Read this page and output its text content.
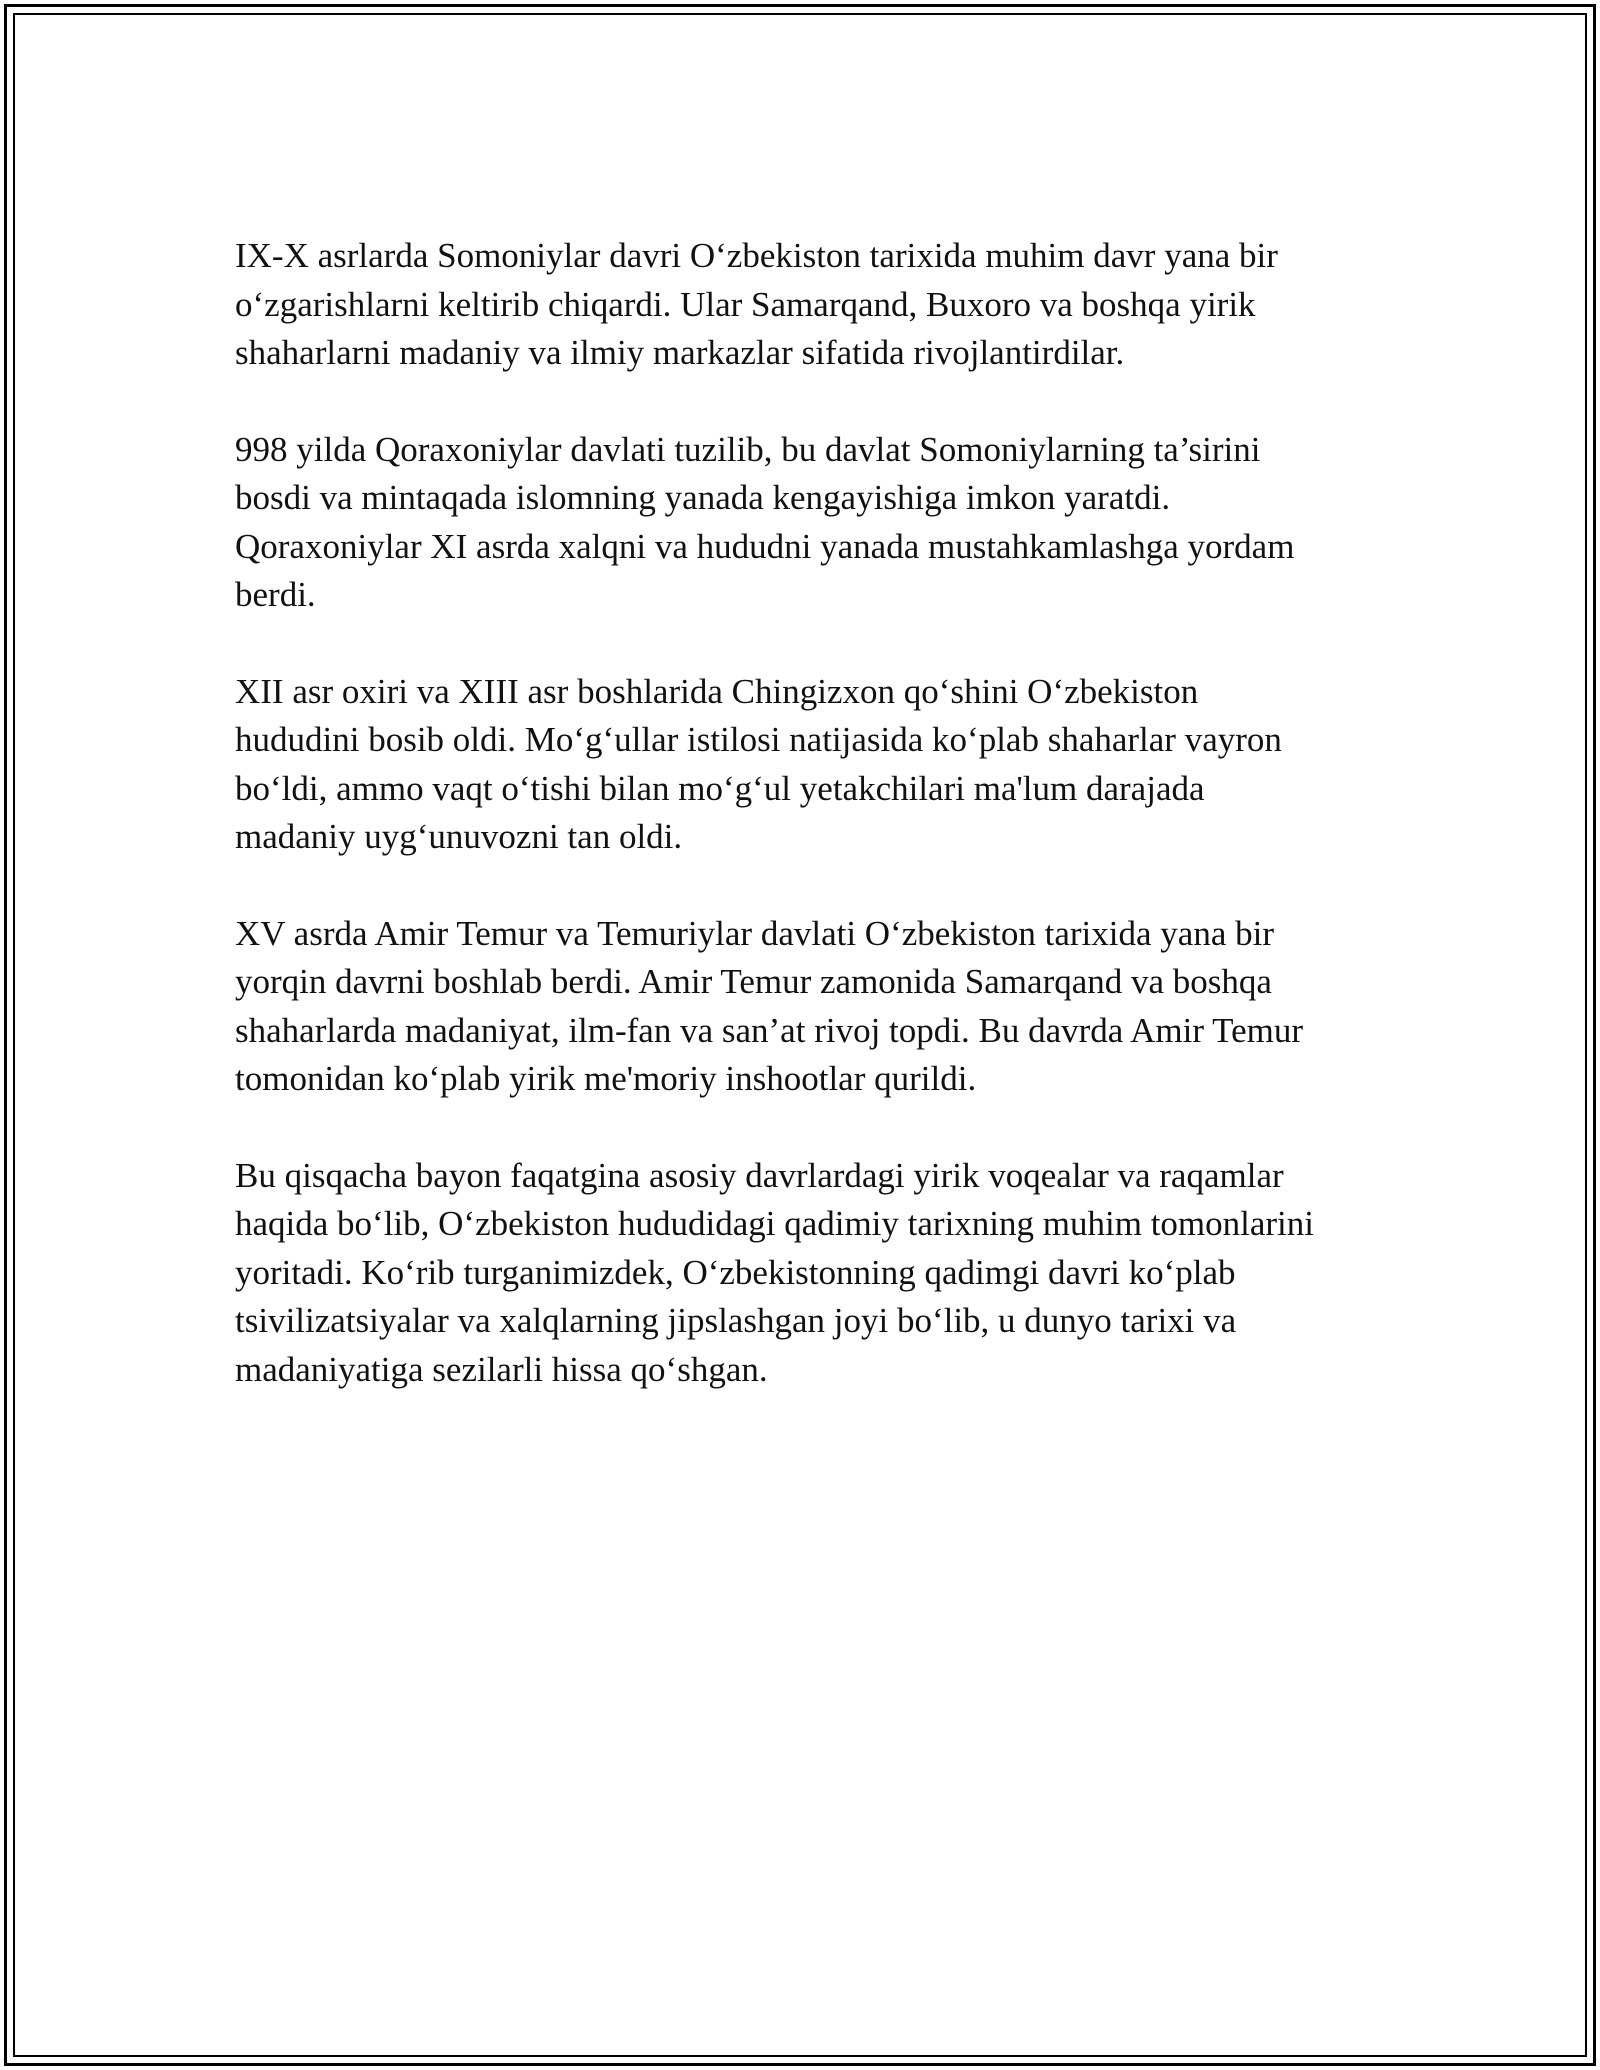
IX-X asrlarda Somoniylar davri O‘zbekiston tarixida muhim davr yana bir
o‘zgarishlarni keltirib chiqardi. Ular Samarqand, Buxoro va boshqa yirik
shaharlarni madaniy va ilmiy markazlar sifatida rivojlantirdilar.

998 yilda Qoraxoniylar davlati tuzilib, bu davlat Somoniylarning ta’sirini
bosdi va mintaqada islomning yanada kengayishiga imkon yaratdi.
Qoraxoniylar XI asrda xalqni va hududni yanada mustahkamlashga yordam
berdi.

XII asr oxiri va XIII asr boshlarida Chingizxon qo‘shini O‘zbekiston
hududini bosib oldi. Mo‘g‘ullar istilosi natijasida ko‘plab shaharlar vayron
bo‘ldi, ammo vaqt o‘tishi bilan mo‘g‘ul yetakchilari ma'lum darajada
madaniy uyg‘unuvozni tan oldi.

XV asrda Amir Temur va Temuriylar davlati O‘zbekiston tarixida yana bir
yorqin davrni boshlab berdi. Amir Temur zamonida Samarqand va boshqa
shaharlarda madaniyat, ilm-fan va san’at rivoj topdi. Bu davrda Amir Temur
tomonidan ko‘plab yirik me'moriy inshootlar qurildi.

Bu qisqacha bayon faqatgina asosiy davrlardagi yirik voqealar va raqamlar
haqida bo‘lib, O‘zbekiston hududidagi qadimiy tarixning muhim tomonlarini
yoritadi. Ko‘rib turganimizdek, O‘zbekistonning qadimgi davri ko‘plab
tsivilizatsiyalar va xalqlarning jipslashgan joyi bo‘lib, u dunyo tarixi va
madaniyatiga sezilarli hissa qo‘shgan.
